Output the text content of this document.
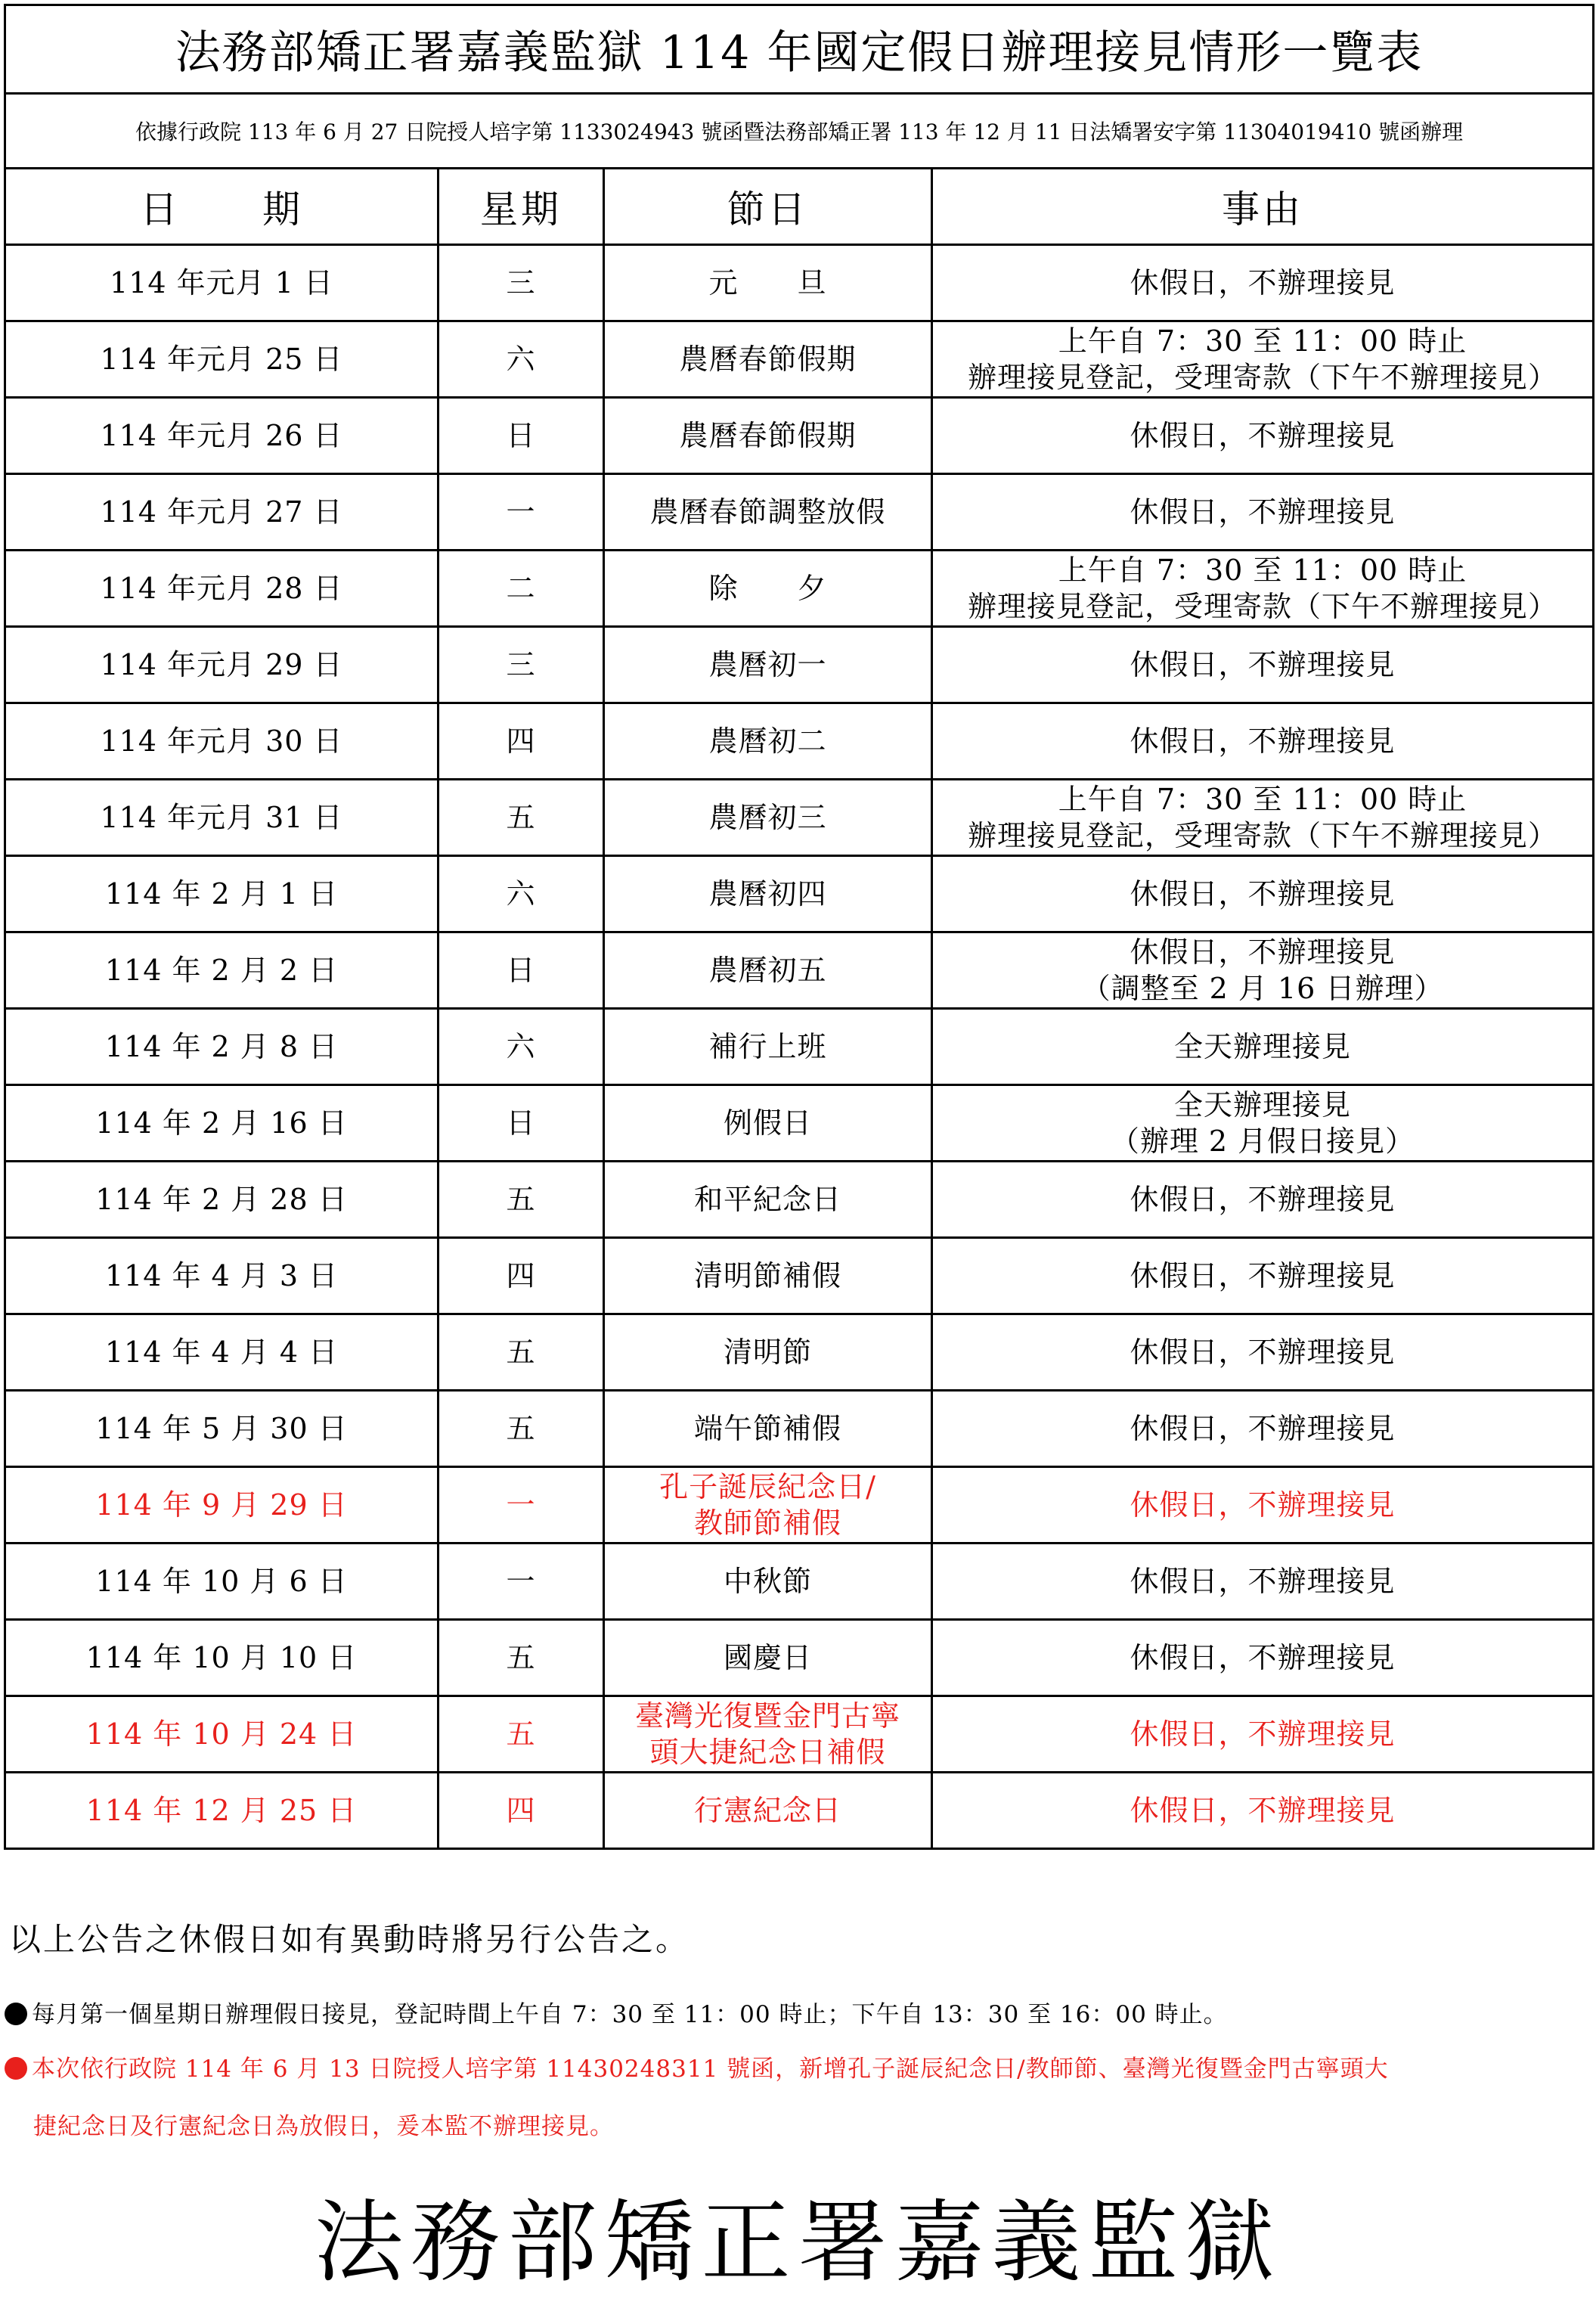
法務部矯正署嘉義監獄 114 年國定假日辦理接見情形一覽表			
依據行政院 113 年 6 月 27 日院授人培字第 1133024943 號函暨法務部矯正署 113 年 12 月 11 日法矯署安字第 11304019410 號函辦理			
日　　期	星期	節日	事由
114 年元月 1 日	三	元　　旦	休假日，不辦理接見

114 年元月 25 日	六	農曆春節假期	上午自 7：30 至 11：00 時止
辦理接見登記，受理寄款（下午不辦理接見）

114 年元月 26 日	日	農曆春節假期	休假日，不辦理接見

114 年元月 27 日	一	農曆春節調整放假	休假日，不辦理接見

114 年元月 28 日	二	除　　夕	上午自 7：30 至 11：00 時止
辦理接見登記，受理寄款（下午不辦理接見）

114 年元月 29 日	三	農曆初一	休假日，不辦理接見

114 年元月 30 日	四	農曆初二	休假日，不辦理接見

114 年元月 31 日	五	農曆初三	上午自 7：30 至 11：00 時止
辦理接見登記，受理寄款（下午不辦理接見）

114 年 2 月 1 日	六	農曆初四	休假日，不辦理接見

114 年 2 月 2 日	日	農曆初五	休假日，不辦理接見
（調整至 2 月 16 日辦理）

114 年 2 月 8 日	六	補行上班	全天辦理接見

114 年 2 月 16 日	日	例假日	全天辦理接見
（辦理 2 月假日接見）

114 年 2 月 28 日	五	和平紀念日	休假日，不辦理接見

114 年 4 月 3 日	四	清明節補假	休假日，不辦理接見

114 年 4 月 4 日	五	清明節	休假日，不辦理接見

114 年 5 月 30 日	五	端午節補假	休假日，不辦理接見

114 年 9 月 29 日	一	孔子誕辰紀念日/
教師節補假	休假日，不辦理接見

114 年 10 月 6 日	一	中秋節	休假日，不辦理接見

114 年 10 月 10 日	五	國慶日	休假日，不辦理接見

114 年 10 月 24 日	五	臺灣光復暨金門古寧
頭大捷紀念日補假	休假日，不辦理接見

114 年 12 月 25 日	四	行憲紀念日	休假日，不辦理接見
以上公告之休假日如有異動時將另行公告之。
每月第一個星期日辦理假日接見，登記時間上午自 7：30 至 11：00 時止；下午自 13：30 至 16：00 時止。
本次依行政院 114 年 6 月 13 日院授人培字第 11430248311 號函，新增孔子誕辰紀念日/教師節、臺灣光復暨金門古寧頭大
捷紀念日及行憲紀念日為放假日，爰本監不辦理接見。
法務部矯正署嘉義監獄
